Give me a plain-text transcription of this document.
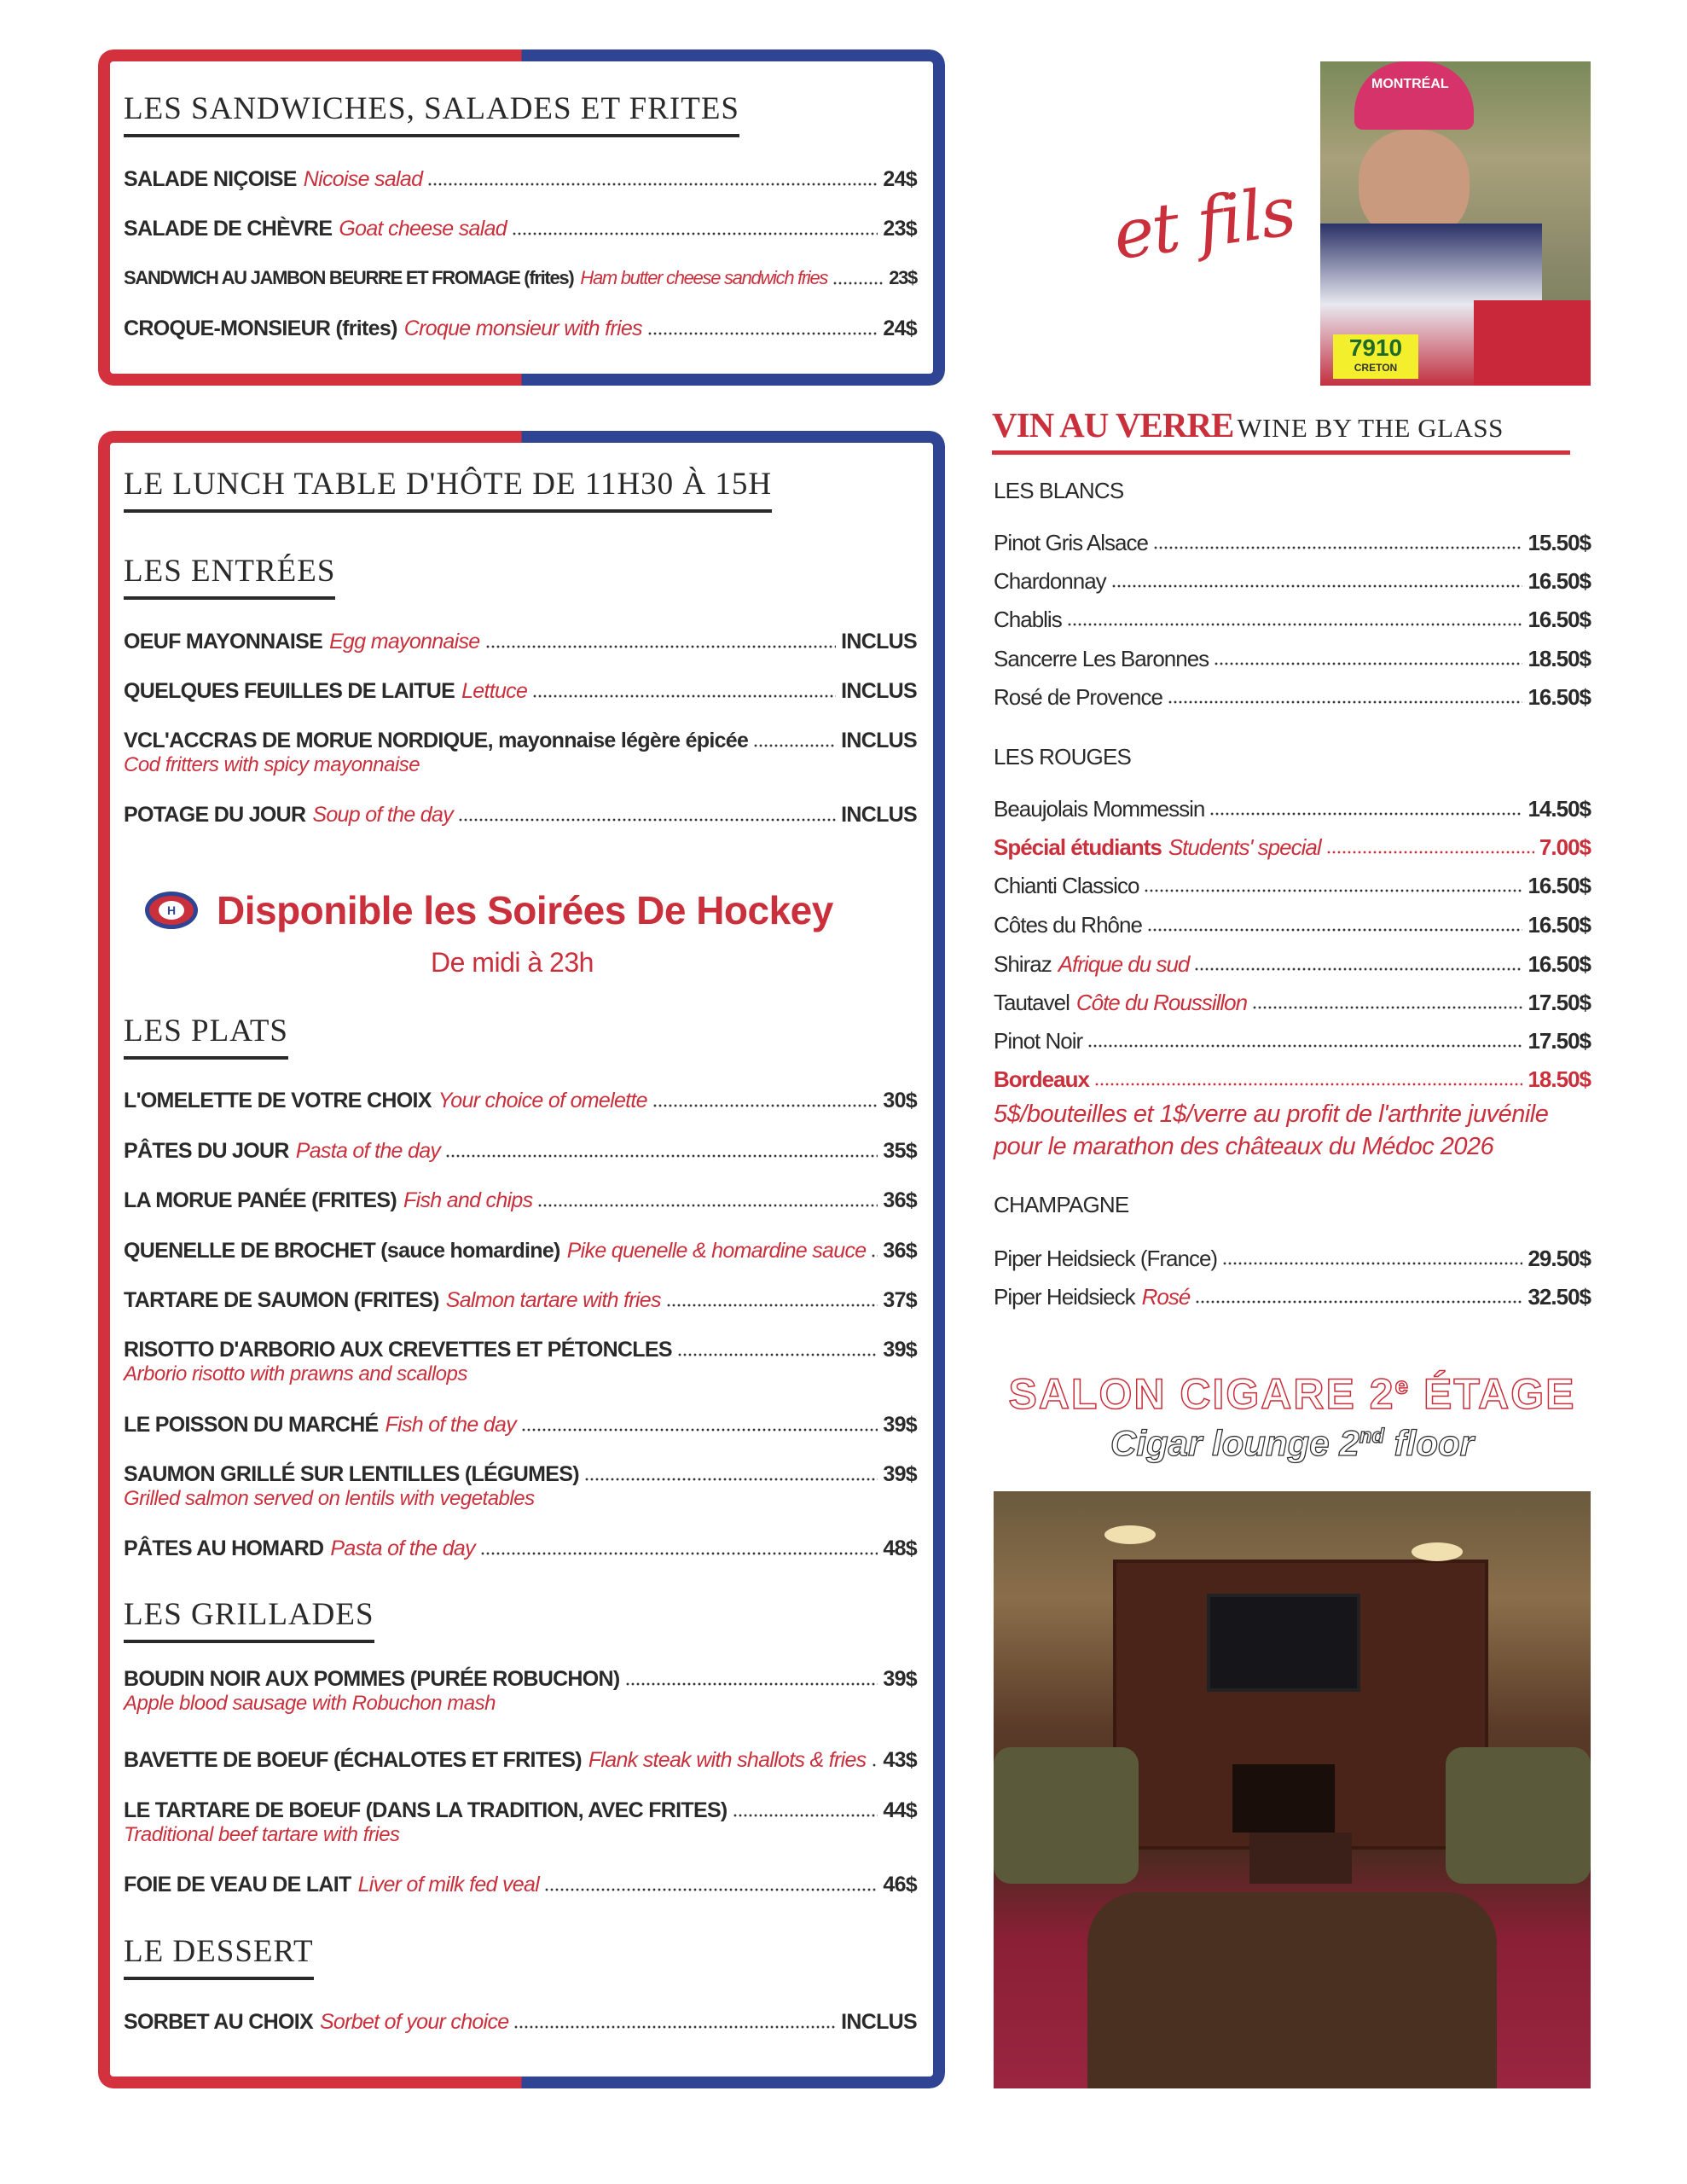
LES SANDWICHES, SALADES ET FRITES
SALADE NIÇOISE Nicoise salad	24$
SALADE DE CHÈVRE Goat cheese salad	23$
SANDWICH AU JAMBON BEURRE ET FROMAGE (frites) Ham butter cheese sandwich fries	23$
CROQUE-MONSIEUR (frites) Croque monsieur with fries	24$
LE LUNCH TABLE D'HÔTE DE 11H30 À 15H
LES ENTRÉES
OEUF MAYONNAISE Egg mayonnaise	INCLUS
QUELQUES FEUILLES DE LAITUE Lettuce	INCLUS
VCL'ACCRAS DE MORUE NORDIQUE, mayonnaise légère épicée	INCLUS
Cod fritters with spicy mayonnaise
POTAGE DU JOUR Soup of the day	INCLUS
H Disponible les Soirées De Hockey
De midi à 23h
LES PLATS
L'OMELETTE DE VOTRE CHOIX Your choice of omelette	30$
PÂTES DU JOUR Pasta of the day	35$
LA MORUE PANÉE (FRITES) Fish and chips	36$
QUENELLE DE BROCHET (sauce homardine) Pike quenelle & homardine sauce 36$
TARTARE DE SAUMON (FRITES) Salmon tartare with fries	37$
RISOTTO D'ARBORIO AUX CREVETTES ET PÉTONCLES	39$
Arborio risotto with prawns and scallops
LE POISSON DU MARCHÉ Fish of the day	39$
SAUMON GRILLÉ SUR LENTILLES (LÉGUMES)	39$
Grilled salmon served on lentils with vegetables
PÂTES AU HOMARD Pasta of the day	48$
LES GRILLADES
BOUDIN NOIR AUX POMMES (PURÉE ROBUCHON)	39$
Apple blood sausage with Robuchon mash
BAVETTE DE BOEUF (ÉCHALOTES ET FRITES) Flank steak with shallots & fries 43$
LE TARTARE DE BOEUF (DANS LA TRADITION, AVEC FRITES)	44$
Traditional beef tartare with fries
FOIE DE VEAU DE LAIT Liver of milk fed veal	46$
LE DESSERT
SORBET AU CHOIX Sorbet of your choice	INCLUS
et fils
MONTRÉAL
7910
CRETON
VIN AU VERRE WINE BY THE GLASS
LES BLANCS
Pinot Gris Alsace	15.50$
Chardonnay	16.50$
Chablis	16.50$
Sancerre Les Baronnes	18.50$
Rosé de Provence	16.50$
LES ROUGES
Beaujolais Mommessin	14.50$
Spécial étudiants Students' special	7.00$
Chianti Classico	16.50$
Côtes du Rhône	16.50$
Shiraz Afrique du sud	16.50$
Tautavel Côte du Roussillon	17.50$
Pinot Noir	17.50$
Bordeaux	18.50$
5$/bouteilles et 1$/verre au profit de l'arthrite juvénile
pour le marathon des châteaux du Médoc 2026
CHAMPAGNE
Piper Heidsieck (France)	29.50$
Piper Heidsieck Rosé	32.50$
SALON CIGARE 2e ÉTAGE
Cigar lounge 2nd floor
